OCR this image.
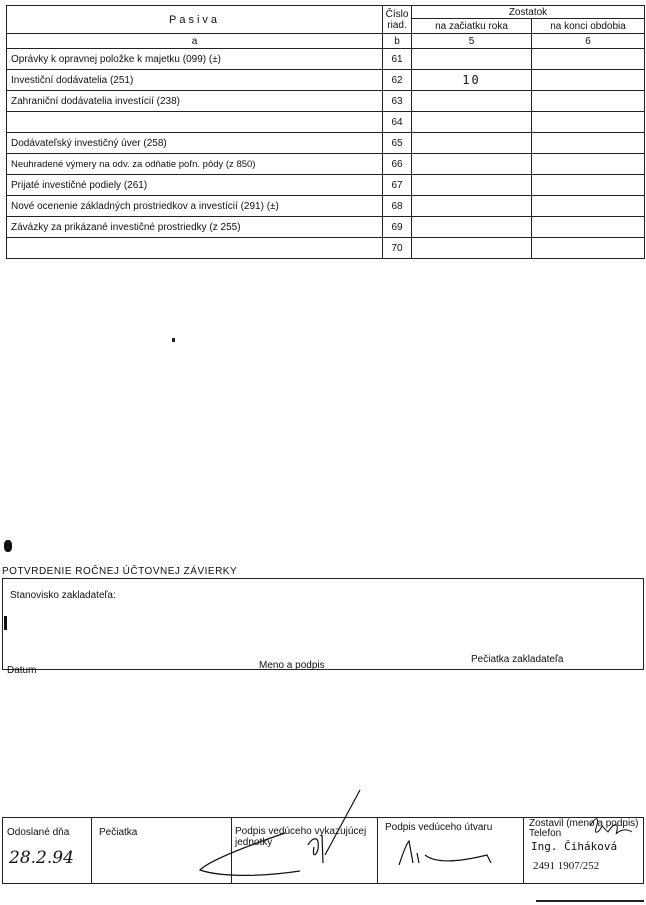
Pasiva	Číslo riad.	Zostatok	
		na začiatku roka	na konci obdobia
a	b	5	6
Oprávky k opravnej položke k majetku (099) (±)	61		
Investiční dodávatelia (251)	62	10	
Zahraniční dodávatelia investícií (238)	63		
	64		
Dodávateľský investičný úver (258)	65		
Neuhradené výmery na odv. za odňatie poľn. pôdy (z 850)	66		
Prijaté investičné podiely (261)	67		
Nové ocenenie základných prostriedkov a investícií (291) (±)	68		
Závázky za prikázané investičné prostriedky (z 255)	69		
	70		
POTVRDENIE ROČNEJ ÚČTOVNEJ ZÁVIERKY
Stanovisko zakladateľa:
Datum	Meno a podpis
Pečiatka zakladateľa
Odoslané dňa
28.2.94
Pečiatka	Podpis vedúceho vykazujúcej jednotky
Podpis vedúceho útvaru	Zostavil (meno a podpis)
Telefon
Ing. Čiháková
2491 1907/252
